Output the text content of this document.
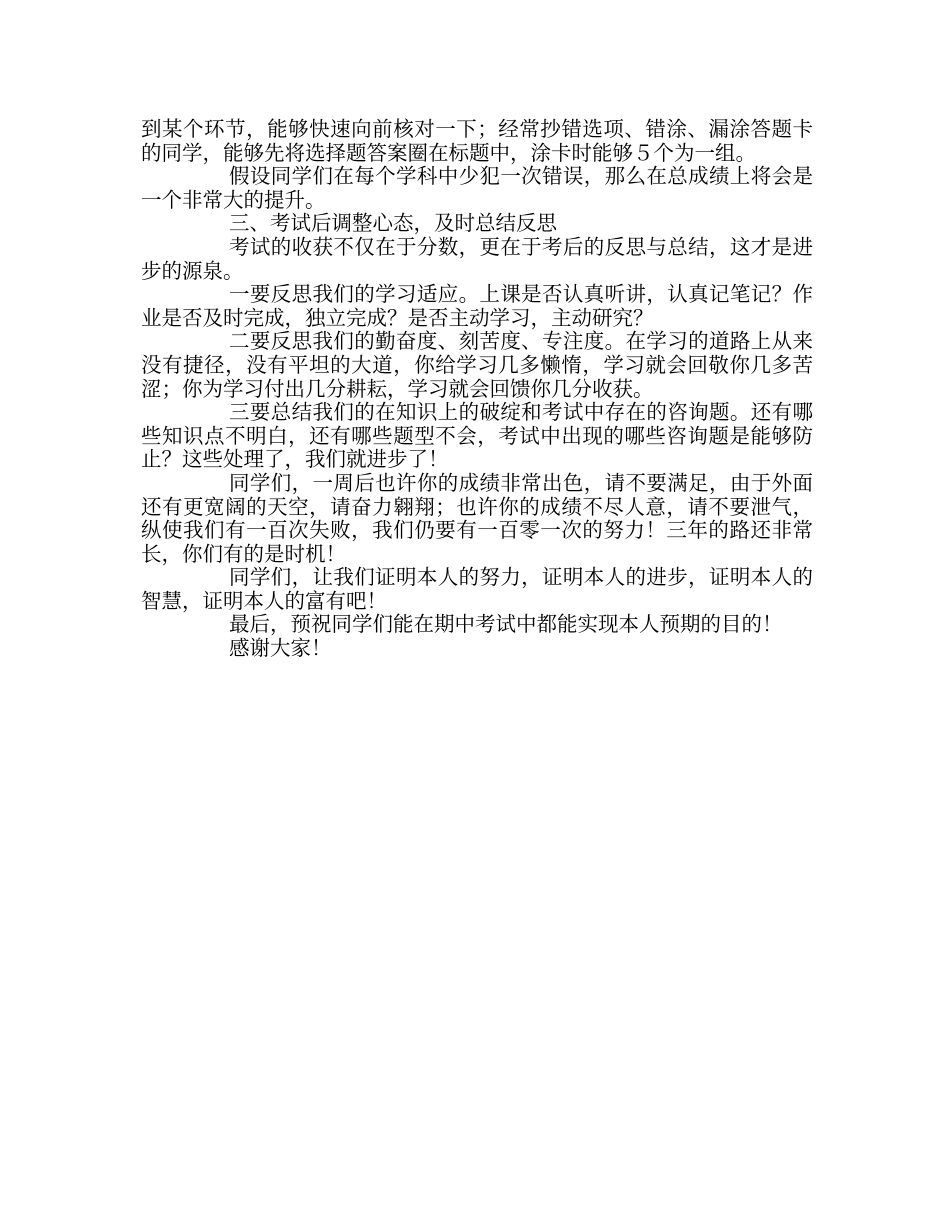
到某个环节，能够快速向前核对一下；经常抄错选项、错涂、漏涂答题卡的同学，能够先将选择题答案圈在标题中，涂卡时能够５个为一组。

假设同学们在每个学科中少犯一次错误，那么在总成绩上将会是一个非常大的提升。

三、考试后调整心态，及时总结反思

考试的收获不仅在于分数，更在于考后的反思与总结，这才是进步的源泉。

一要反思我们的学习适应。上课是否认真听讲，认真记笔记？作业是否及时完成，独立完成？是否主动学习，主动研究？

二要反思我们的勤奋度、刻苦度、专注度。在学习的道路上从来没有捷径，没有平坦的大道，你给学习几多懒惰，学习就会回敬你几多苦涩；你为学习付出几分耕耘，学习就会回馈你几分收获。

三要总结我们的在知识上的破绽和考试中存在的咨询题。还有哪些知识点不明白，还有哪些题型不会，考试中出现的哪些咨询题是能够防止？这些处理了，我们就进步了！

同学们，一周后也许你的成绩非常出色，请不要满足，由于外面还有更宽阔的天空，请奋力翱翔；也许你的成绩不尽人意，请不要泄气，纵使我们有一百次失败，我们仍要有一百零一次的努力！三年的路还非常长，你们有的是时机！

同学们，让我们证明本人的努力，证明本人的进步，证明本人的智慧，证明本人的富有吧！

最后，预祝同学们能在期中考试中都能实现本人预期的目的！

感谢大家！
